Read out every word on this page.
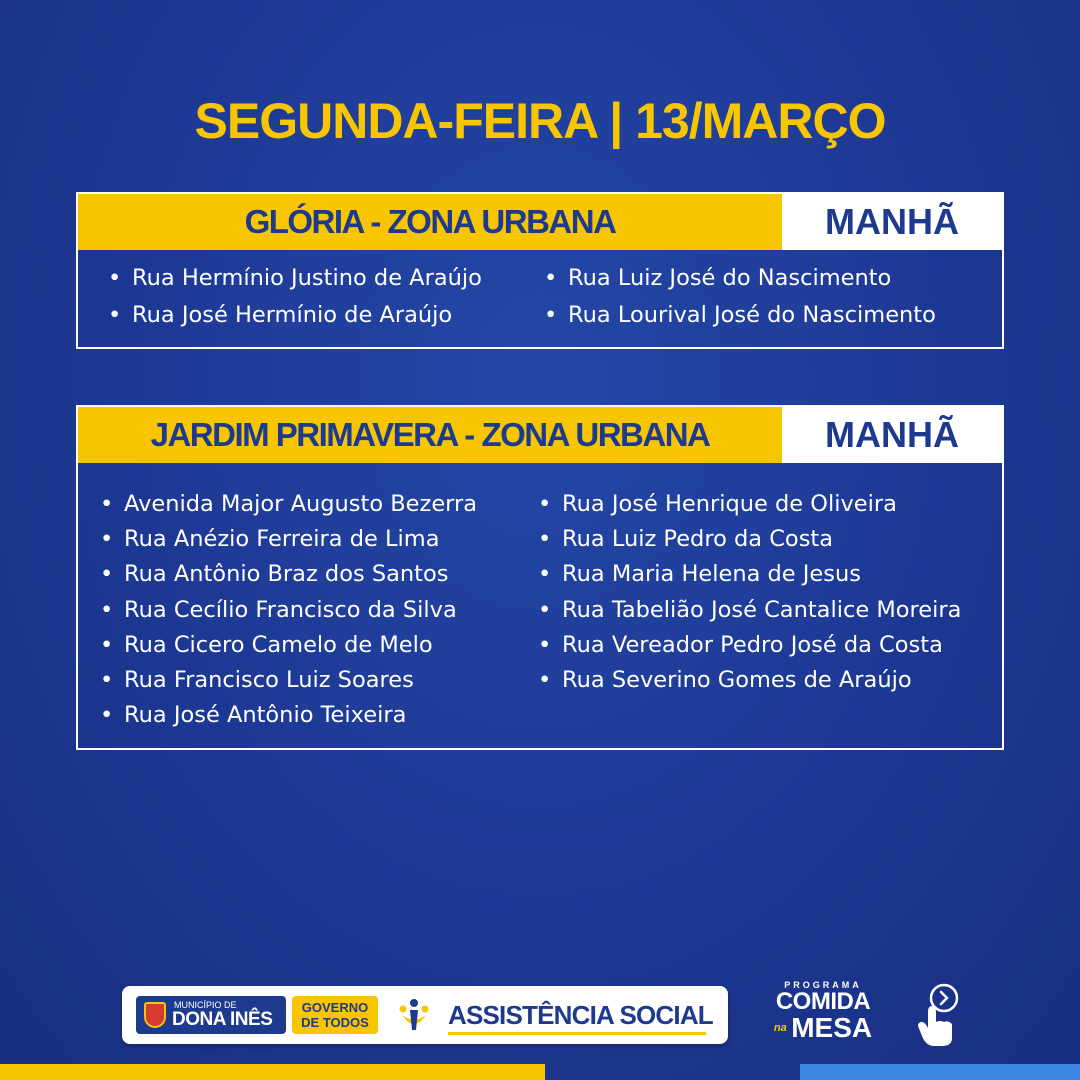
SEGUNDA-FEIRA | 13/MARÇO
GLÓRIA - ZONA URBANA	MANHÃ
• Rua Hermínio Justino de Araújo
• Rua José Hermínio de Araújo
• Rua Luiz José do Nascimento
• Rua Lourival José do Nascimento
JARDIM PRIMAVERA - ZONA URBANA	MANHÃ
• Avenida Major Augusto Bezerra
• Rua Anézio Ferreira de Lima
• Rua Antônio Braz dos Santos
• Rua Cecílio Francisco da Silva
• Rua Cicero Camelo de Melo
• Rua Francisco Luiz Soares
• Rua José Antônio Teixeira
• Rua José Henrique de Oliveira
• Rua Luiz Pedro da Costa
• Rua Maria Helena de Jesus
• Rua Tabelião José Cantalice Moreira
• Rua Vereador Pedro José da Costa
• Rua Severino Gomes de Araújo
MUNICÍPIO DE
DONA INÊS
GOVERNO
DE TODOS	ASSISTÊNCIA SOCIAL
PROGRAMA
COMIDA
na MESA
